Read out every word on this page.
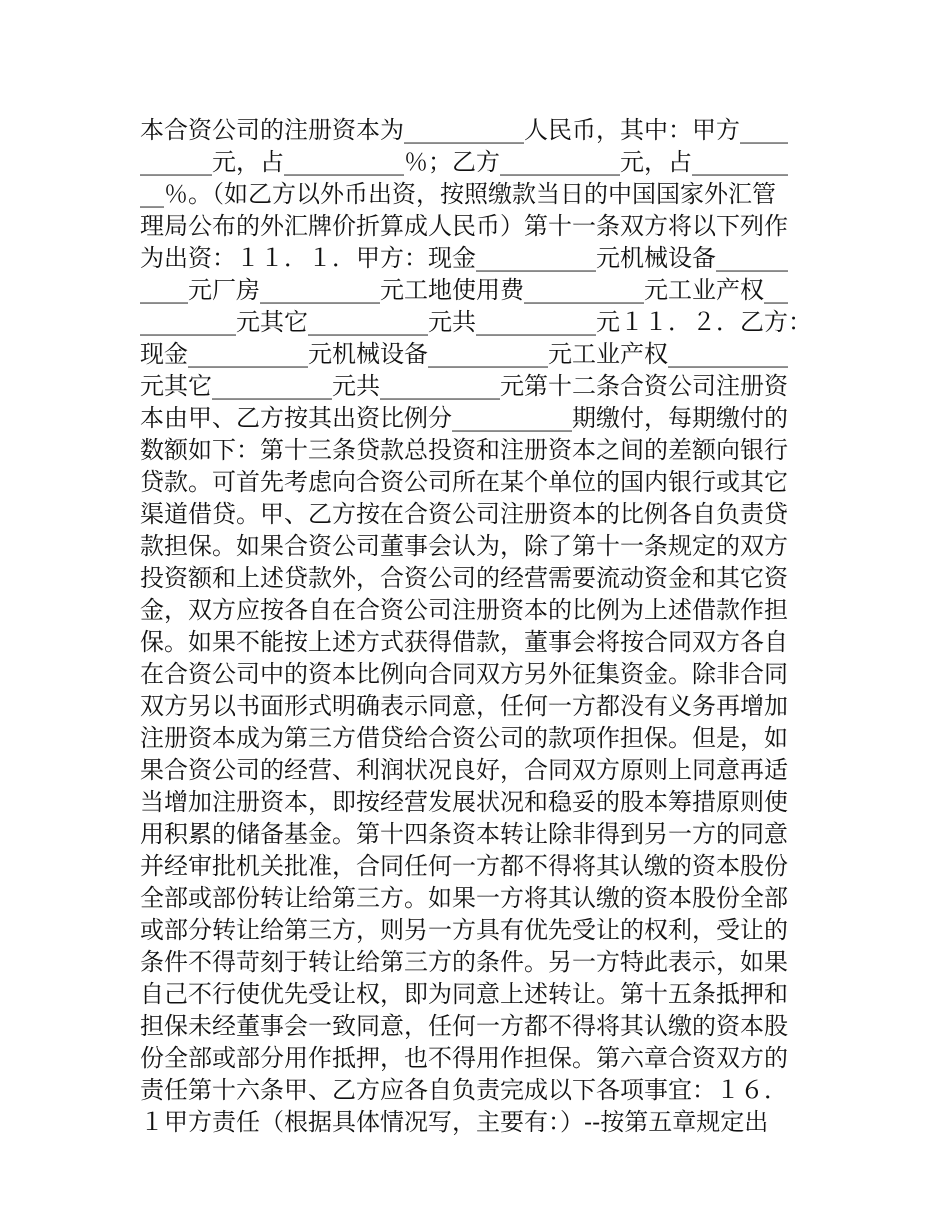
本合资公司的注册资本为__________人民币，其中：甲方____
______元，占__________％；乙方__________元，占________
__％。（如乙方以外币出资，按照缴款当日的中国国家外汇管
理局公布的外汇牌价折算成人民币）第十一条双方将以下列作
为出资：１１．１．甲方：现金__________元机械设备______
____元厂房__________元工地使用费__________元工业产权__
________元其它__________元共__________元１１．２．乙方：
现金__________元机械设备__________元工业产权__________
元其它__________元共__________元第十二条合资公司注册资
本由甲、乙方按其出资比例分__________期缴付，每期缴付的
数额如下：第十三条贷款总投资和注册资本之间的差额向银行
贷款。可首先考虑向合资公司所在某个单位的国内银行或其它
渠道借贷。甲、乙方按在合资公司注册资本的比例各自负责贷
款担保。如果合资公司董事会认为，除了第十一条规定的双方
投资额和上述贷款外，合资公司的经营需要流动资金和其它资
金，双方应按各自在合资公司注册资本的比例为上述借款作担
保。如果不能按上述方式获得借款，董事会将按合同双方各自
在合资公司中的资本比例向合同双方另外征集资金。除非合同
双方另以书面形式明确表示同意，任何一方都没有义务再增加
注册资本成为第三方借贷给合资公司的款项作担保。但是，如
果合资公司的经营、利润状况良好，合同双方原则上同意再适
当增加注册资本，即按经营发展状况和稳妥的股本筹措原则使
用积累的储备基金。第十四条资本转让除非得到另一方的同意
并经审批机关批准，合同任何一方都不得将其认缴的资本股份
全部或部份转让给第三方。如果一方将其认缴的资本股份全部
或部分转让给第三方，则另一方具有优先受让的权利，受让的
条件不得苛刻于转让给第三方的条件。另一方特此表示，如果
自己不行使优先受让权，即为同意上述转让。第十五条抵押和
担保未经董事会一致同意，任何一方都不得将其认缴的资本股
份全部或部分用作抵押，也不得用作担保。第六章合资双方的
责任第十六条甲、乙方应各自负责完成以下各项事宜：１６．
１甲方责任（根据具体情况写，主要有：）--按第五章规定出
